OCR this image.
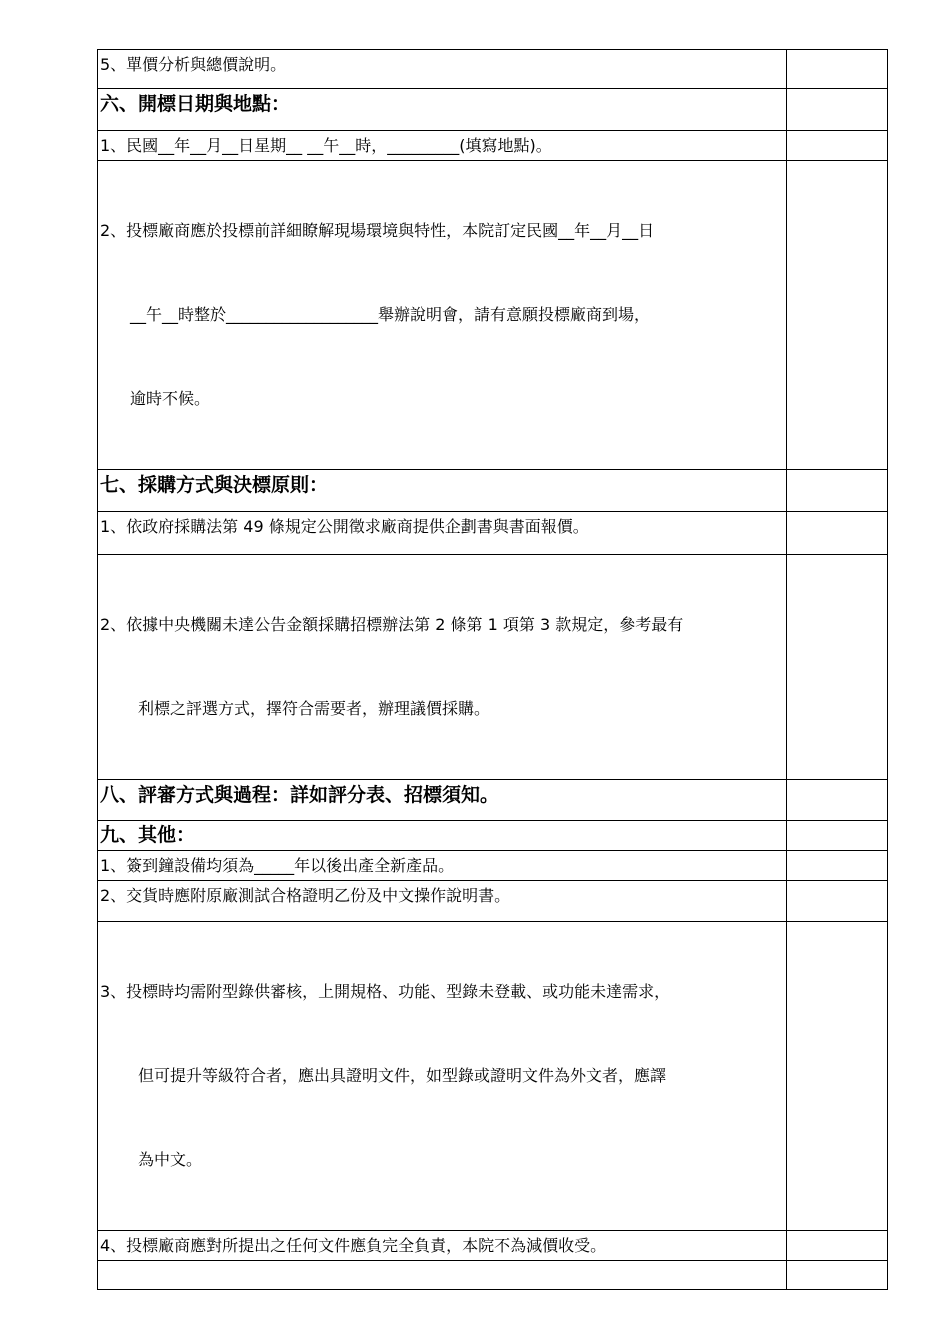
5、單價分析與總價說明。	

六、開標日期與地點：	

1、民國__年__月__日星期__ __午__時，_________(填寫地點)。	

2、投標廠商應於投標前詳細瞭解現場環境與特性，本院訂定民國__年__月__日

__午__時整於___________________舉辦說明會，請有意願投標廠商到場，

逾時不候。	

七、採購方式與決標原則：	

1、依政府採購法第 49 條規定公開徵求廠商提供企劃書與書面報價。	

2、依據中央機關未達公告金額採購招標辦法第 2 條第 1 項第 3 款規定，參考最有

利標之評選方式，擇符合需要者，辦理議價採購。	

八、評審方式與過程：詳如評分表、招標須知。	
九、其他：	

1、簽到鐘設備均須為_____年以後出產全新產品。	

2、交貨時應附原廠測試合格證明乙份及中文操作說明書。	

3、投標時均需附型錄供審核，上開規格、功能、型錄未登載、或功能未達需求，

但可提升等級符合者，應出具證明文件，如型錄或證明文件為外文者，應譯

為中文。	

4、投標廠商應對所提出之任何文件應負完全負責，本院不為減價收受。	
